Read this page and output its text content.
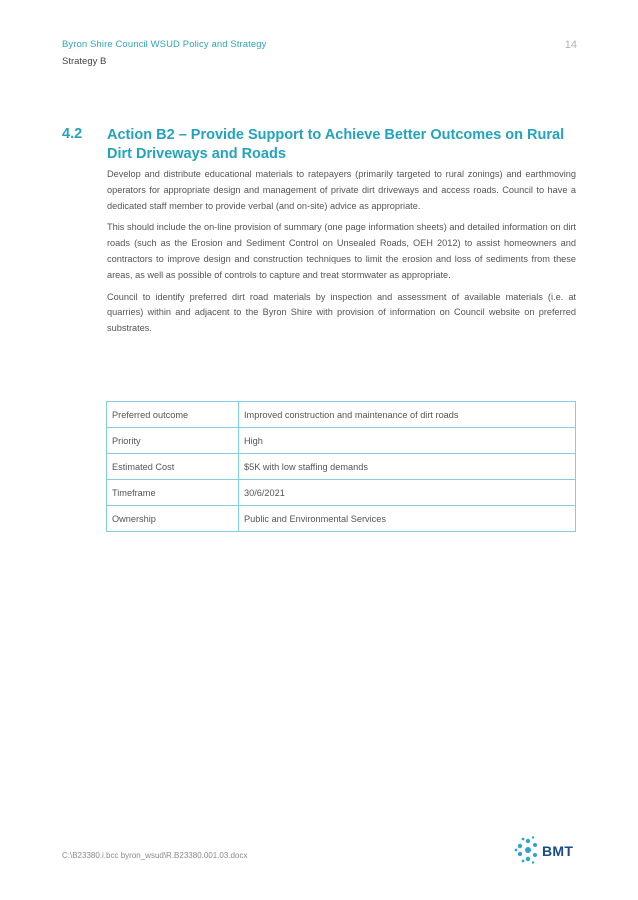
Byron Shire Council WSUD Policy and Strategy
Strategy B
14
4.2 Action B2 – Provide Support to Achieve Better Outcomes on Rural Dirt Driveways and Roads

Develop and distribute educational materials to ratepayers (primarily targeted to rural zonings) and earthmoving operators for appropriate design and management of private dirt driveways and access roads. Council to have a dedicated staff member to provide verbal (and on-site) advice as appropriate.

This should include the on-line provision of summary (one page information sheets) and detailed information on dirt roads (such as the Erosion and Sediment Control on Unsealed Roads, OEH 2012) to assist homeowners and contractors to improve design and construction techniques to limit the erosion and loss of sediments from these areas, as well as possible of controls to capture and treat stormwater as appropriate.

Council to identify preferred dirt road materials by inspection and assessment of available materials (i.e. at quarries) within and adjacent to the Byron Shire with provision of information on Council website on preferred substrates.

Preferred outcome	Improved construction and maintenance of dirt roads
Priority	High
Estimated Cost	$5K with low staffing demands
Timeframe	30/6/2021
Ownership	Public and Environmental Services
C:\B23380.i.bcc byron_wsud\R.B23380.001.03.docx	BMT
